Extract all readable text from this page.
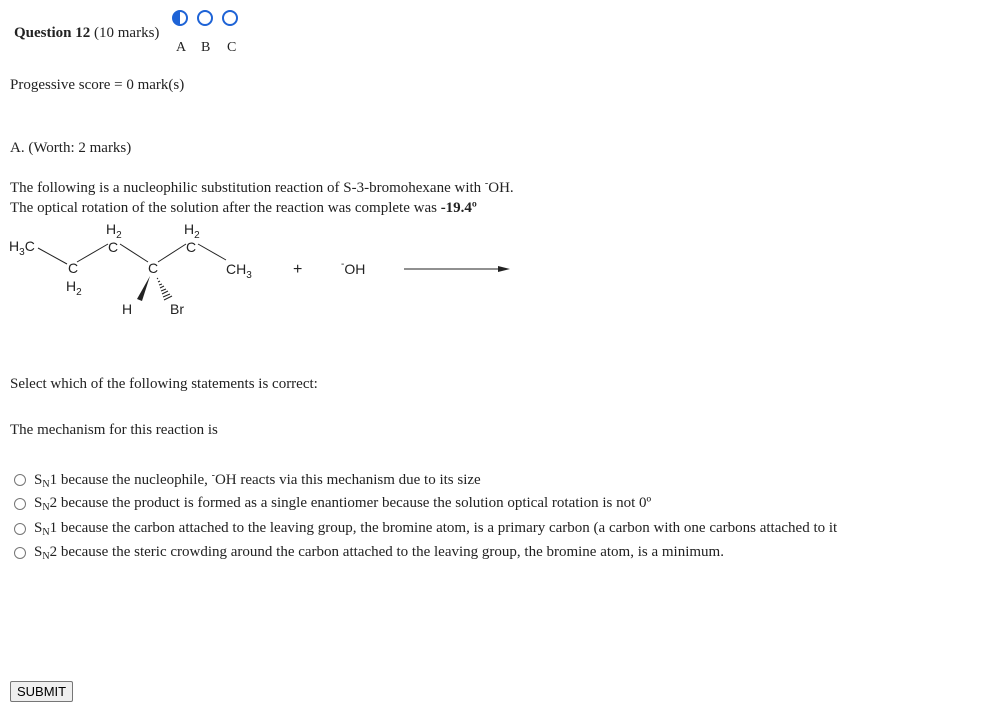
Question 12 (10 marks)
A B C
Progessive score = 0 mark(s)
A. (Worth: 2 marks)
The following is a nucleophilic substitution reaction of S-3-bromohexane with -OH.
The optical rotation of the solution after the reaction was complete was -19.4º
$H_3C$
C
$H_2$
$H_2$
C
C
$H_2$
C
$CH_3$
H	Br
+	-OH
Select which of the following statements is correct:
The mechanism for this reaction is
$S_N1$ because the nucleophile, -OH reacts via this mechanism due to its size
$S_N2$ because the product is formed as a single enantiomer because the solution optical rotation is not 0º
$S_N1$ because the carbon attached to the leaving group, the bromine atom, is a primary carbon (a carbon with one carbons attached to it
$S_N2$ because the steric crowding around the carbon attached to the leaving group, the bromine atom, is a minimum.
SUBMIT
